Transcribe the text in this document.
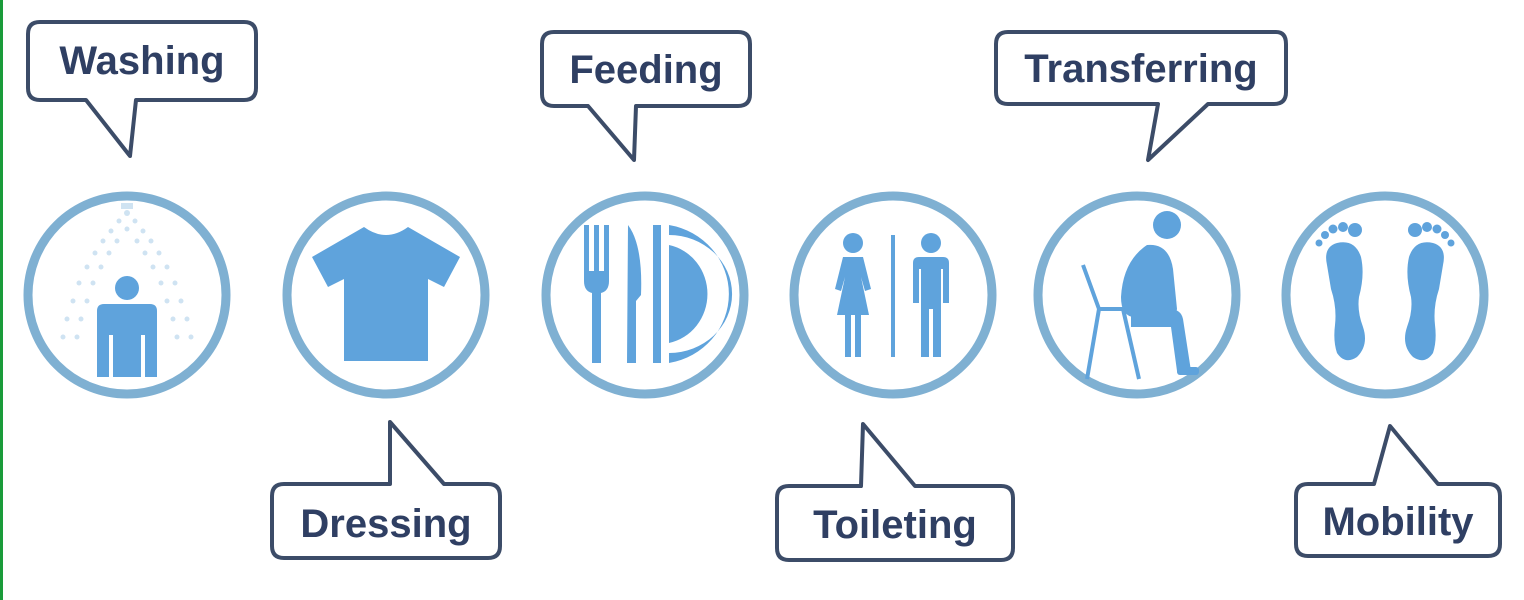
Washing	Feeding	Transferring
Dressing	Toileting	Mobility
